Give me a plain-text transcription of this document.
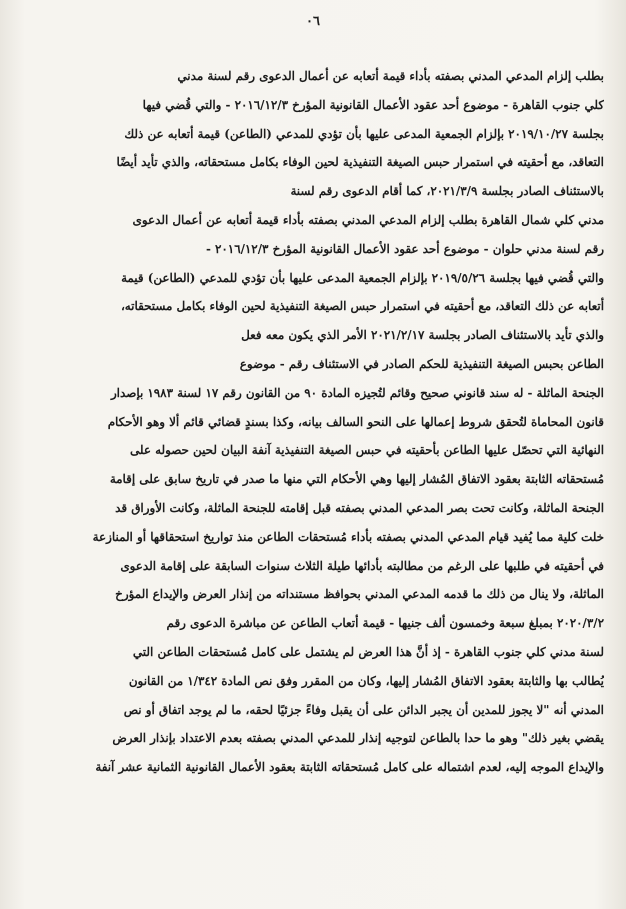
٠٦
بطلب إلزام المدعي المدني بصفته بأداء قيمة أتعابه عن أعمال الدعوى رقم لسنة مدني
كلي جنوب القاهرة - موضوع أحد عقود الأعمال القانونية المؤرخ ٢٠١٦/١٢/٣ - والتي قُضي فيها
بجلسة ٢٠١٩/١٠/٢٧ بإلزام الجمعية المدعى عليها بأن تؤدي للمدعي (الطاعن) قيمة أتعابه عن ذلك
التعاقد، مع أحقيته في استمرار حبس الصيغة التنفيذية لحين الوفاء بكامل مستحقاته، والذي تأيد أيضًا
بالاستئناف الصادر بجلسة ٢٠٢١/٣/٩، كما أقام الدعوى رقم لسنة
مدني كلي شمال القاهرة بطلب إلزام المدعي المدني بصفته بأداء قيمة أتعابه عن أعمال الدعوى
رقم لسنة مدني حلوان - موضوع أحد عقود الأعمال القانونية المؤرخ ٢٠١٦/١٢/٣ -
والتي قُضي فيها بجلسة ٢٠١٩/٥/٢٦ بإلزام الجمعية المدعى عليها بأن تؤدي للمدعي (الطاعن) قيمة
أتعابه عن ذلك التعاقد، مع أحقيته في استمرار حبس الصيغة التنفيذية لحين الوفاء بكامل مستحقاته،
والذي تأيد بالاستئناف الصادر بجلسة ٢٠٢١/٢/١٧ الأمر الذي يكون معه فعل
الطاعن بحبس الصيغة التنفيذية للحكم الصادر في الاستئناف رقم - موضوع
الجنحة الماثلة - له سند قانوني صحيح وقائم لتُجيزه المادة ٩٠ من القانون رقم ١٧ لسنة ١٩٨٣ بإصدار
قانون المحاماة لتُحقق شروط إعمالها على النحو السالف بيانه، وكذا بسندٍ قضائي قائم ألا وهو الأحكام
النهائية التي تحصّل عليها الطاعن بأحقيته في حبس الصيغة التنفيذية آنفة البيان لحين حصوله على
مُستحقاته الثابتة بعقود الاتفاق المُشار إليها وهي الأحكام التي منها ما صدر في تاريخ سابق على إقامة
الجنحة الماثلة، وكانت تحت بصر المدعي المدني بصفته قبل إقامته للجنحة الماثلة، وكانت الأوراق قد
خلت كلية مما يُفيد قيام المدعي المدني بصفته بأداء مُستحقات الطاعن منذ تواريخ استحقاقها أو المنازعة
في أحقيته في طلبها على الرغم من مطالبته بأدائها طيلة الثلاث سنوات السابقة على إقامة الدعوى
الماثلة، ولا ينال من ذلك ما قدمه المدعي المدني بحوافظ مستنداته من إنذار العرض والإيداع المؤرخ
٢٠٢٠/٣/٢ بمبلغ سبعة وخمسون ألف جنيها - قيمة أتعاب الطاعن عن مباشرة الدعوى رقم
لسنة مدني كلي جنوب القاهرة - إذ أنَّ هذا العرض لم يشتمل على كامل مُستحقات الطاعن التي
يُطالب بها والثابتة بعقود الاتفاق المُشار إليها، وكان من المقرر وفق نص المادة ١/٣٤٢ من القانون
المدني أنه "لا يجوز للمدين أن يجبر الدائن على أن يقبل وفاءً جزئيًا لحقه، ما لم يوجد اتفاق أو نص
يقضي بغير ذلك" وهو ما حدا بالطاعن لتوجيه إنذار للمدعي المدني بصفته بعدم الاعتداد بإنذار العرض
والإيداع الموجه إليه، لعدم اشتماله على كامل مُستحقاته الثابتة بعقود الأعمال القانونية الثمانية عشر آنفة
